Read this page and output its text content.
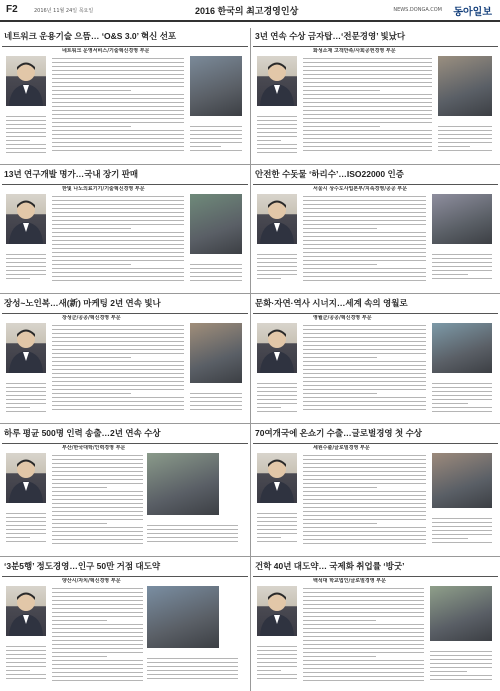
F2	2016년 11월 24일 목요일	2016 한국의 최고경영인상	NEWS.DONGA.COM 동아일보
네트워크 운용기술 으뜸… ‘O&S 3.0’ 혁신 선포
네트워크 운영서비스/기술혁신경영 부문
3년 연속 수상 금자탑…‘전문경영’ 빛났다
화성소재 고객만족/사회공헌경영 부문
13년 연구개발 명가…국내 장기 판매
한빛 나노의료기기/기술혁신경영 부문
안전한 수돗물 ‘하리수’…ISO22000 인증
서울시 상수도사업본부/지속경영/공공 부문
장성~노인복…새(新) 마케팅 2년 연속 빛나
장성군/공공/혁신경영 부문
문화·자연·역사 시너지…세계 속의 영월로
영월군/공공/혁신경영 부문
하루 평균 500명 인력 송출…2년 연속 수상
부산/한국대학/인력경영 부문
70여개국에 온쇼기 수출…글로벌경영 첫 수상
세원수출/글로벌경영 부문
‘3분5행’ 정도경영…인구 50만 거점 대도약
양산시/자치/혁신경영 부문
건학 40년 대도약… 국제화 취업률 ‘방굿’
백석대 학교법인/글로벌경영 부문
